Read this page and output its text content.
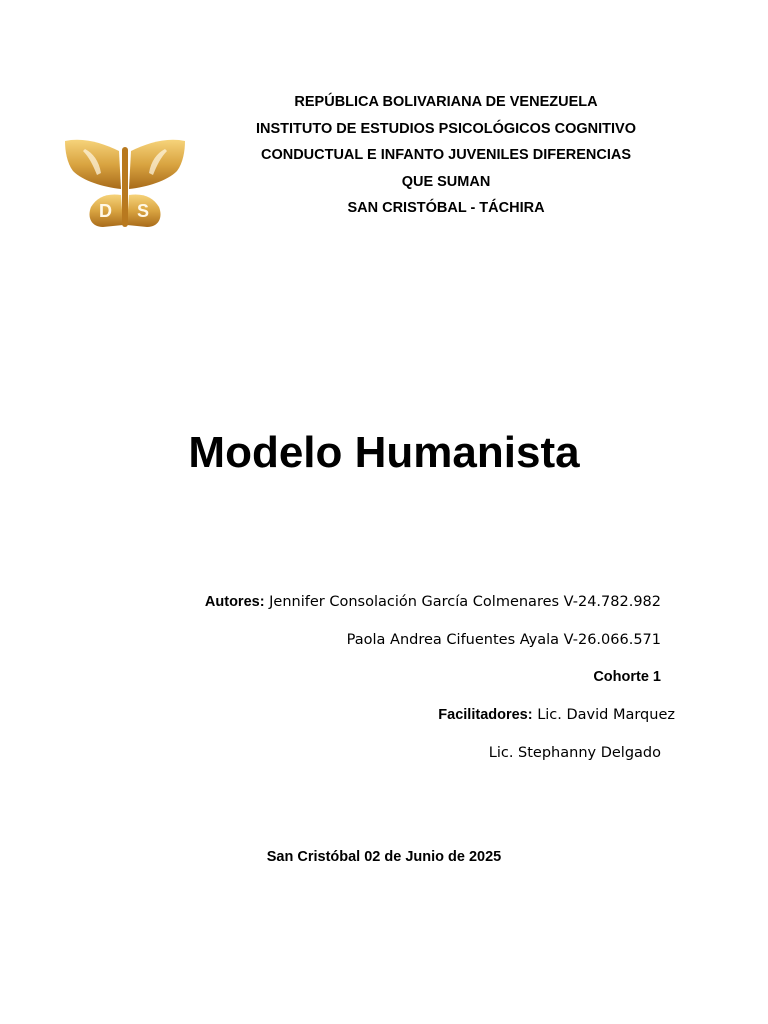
D S
REPÚBLICA BOLIVARIANA DE VENEZUELA
INSTITUTO DE ESTUDIOS PSICOLÓGICOS COGNITIVO
CONDUCTUAL E INFANTO JUVENILES DIFERENCIAS
QUE SUMAN
SAN CRISTÓBAL - TÁCHIRA
Modelo Humanista
Autores: Jennifer Consolación García Colmenares V-24.782.982
Paola Andrea Cifuentes Ayala V-26.066.571
Cohorte 1
Facilitadores: Lic. David Marquez
Lic. Stephanny Delgado
San Cristóbal 02 de Junio de 2025
